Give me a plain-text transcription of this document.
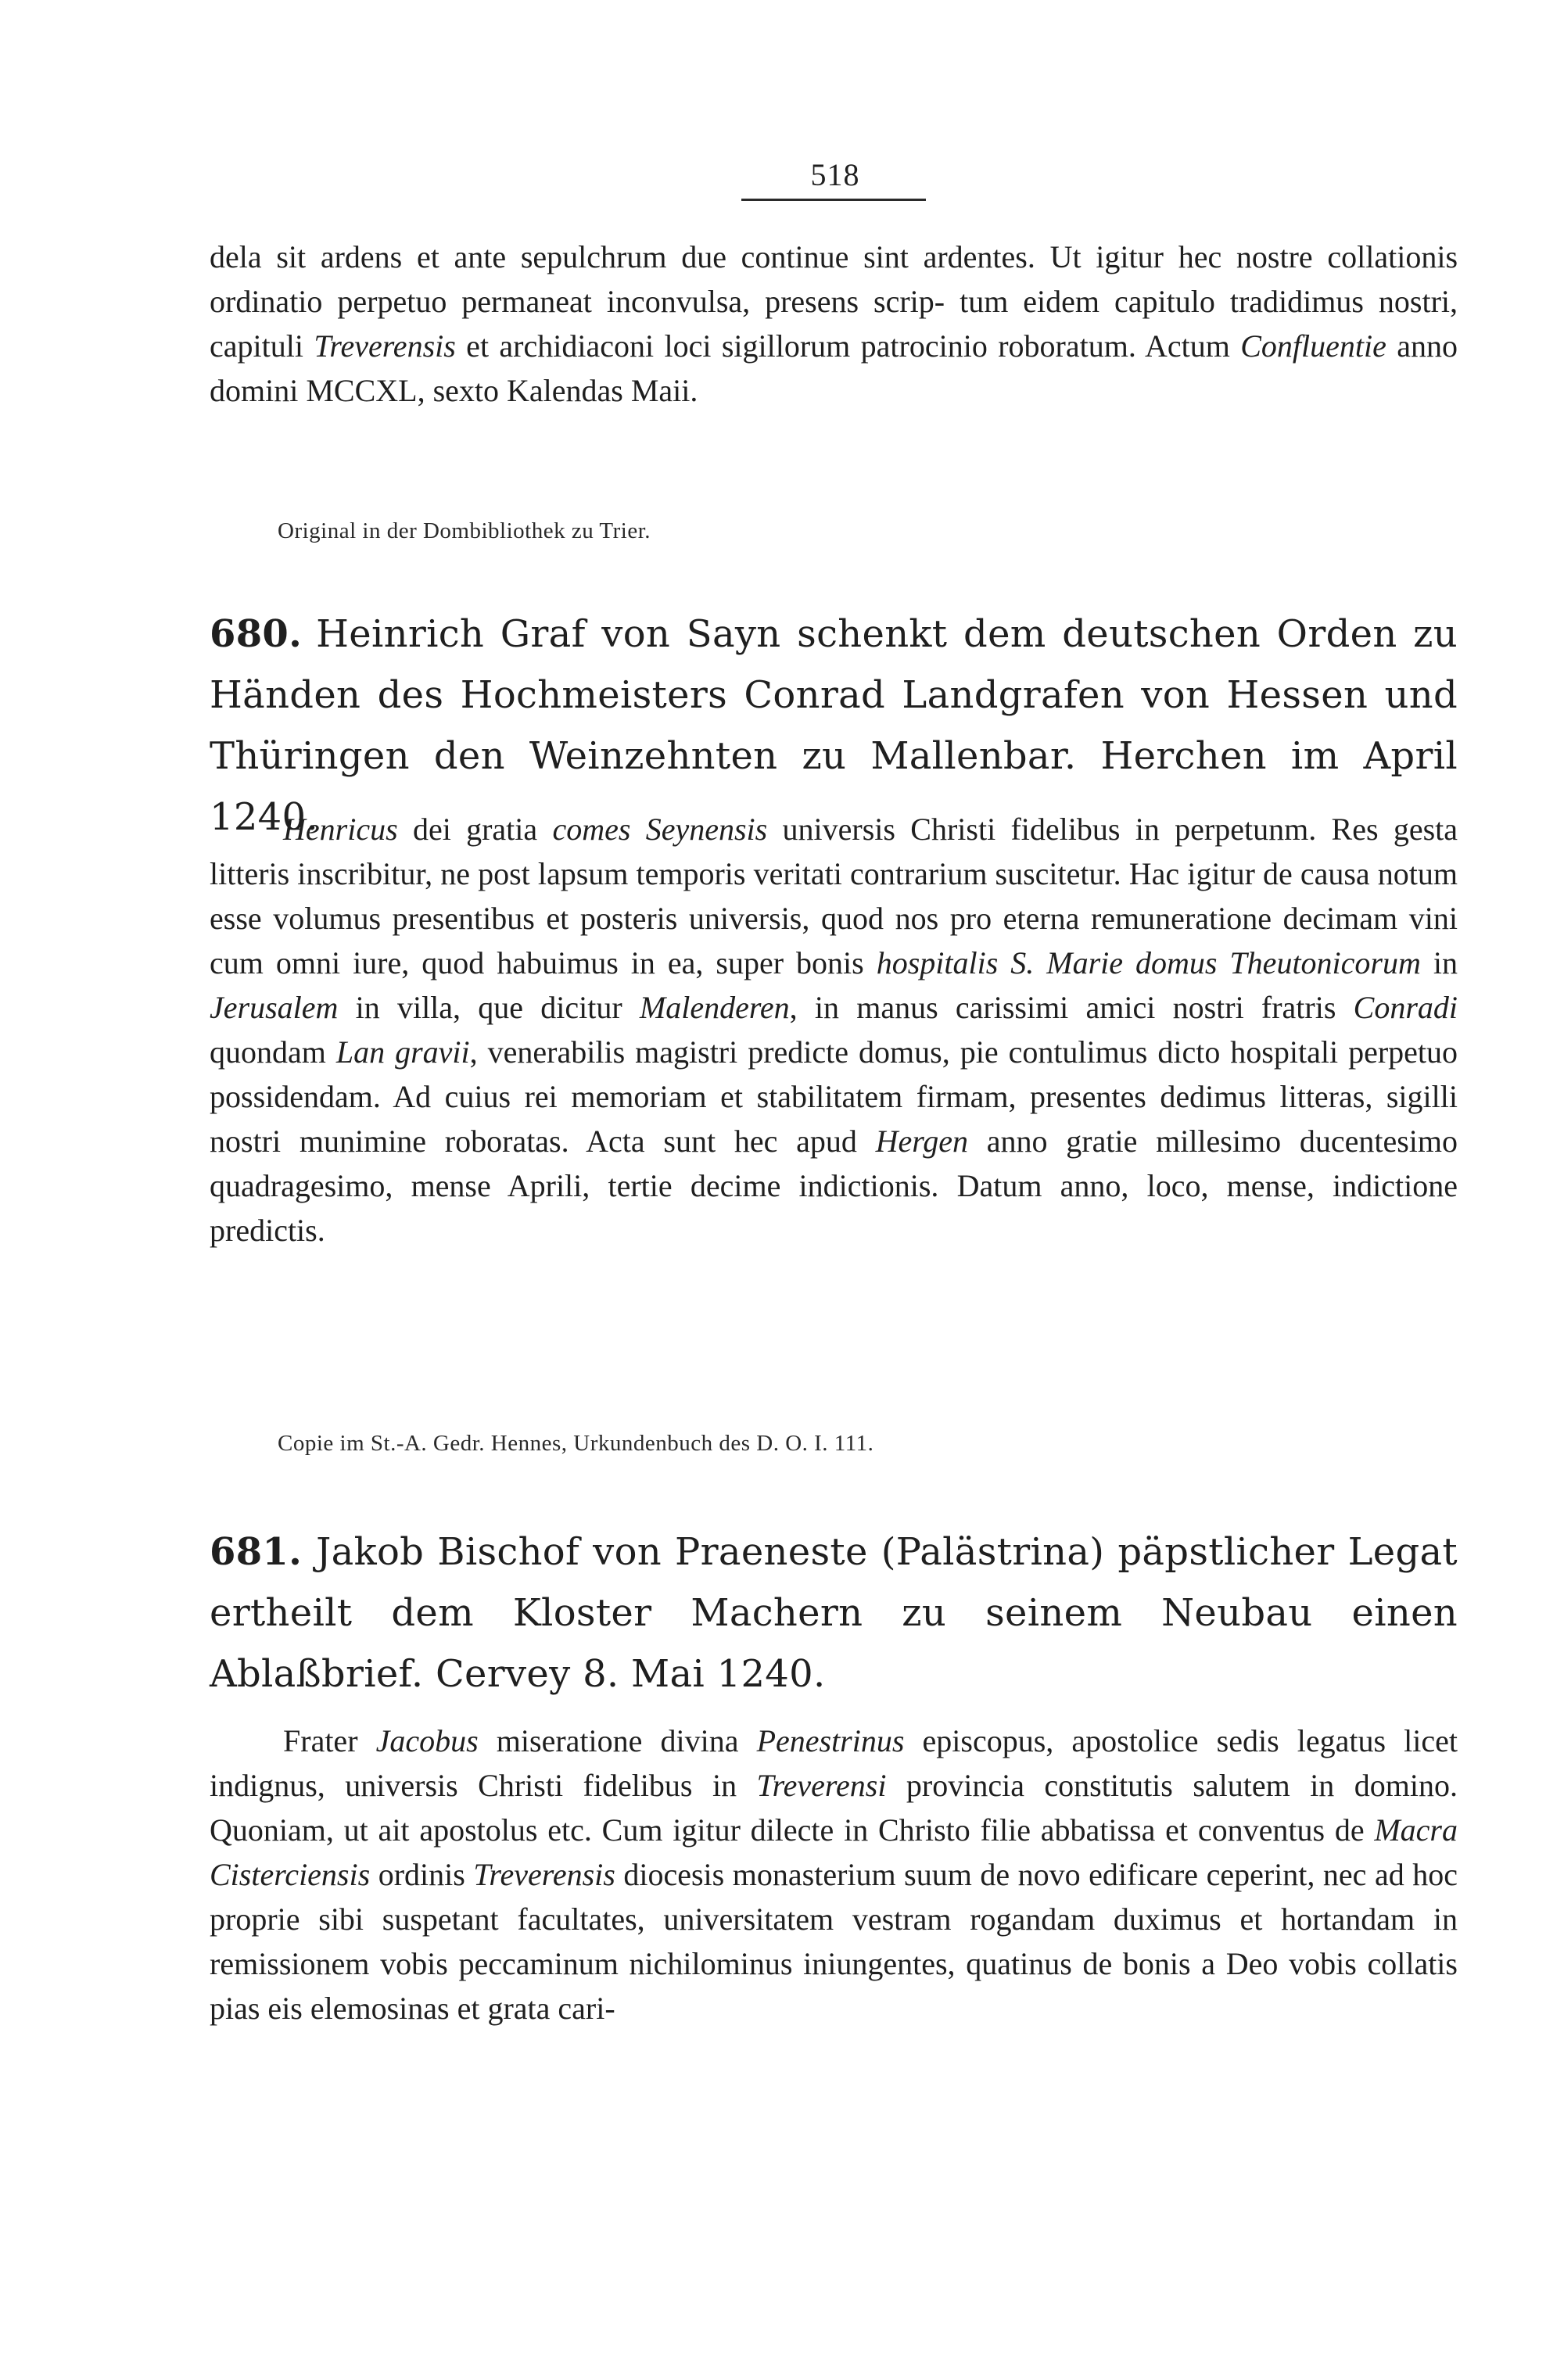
518
dela sit ardens et ante sepulchrum due continue sint ardentes. Ut igitur hec nostre collationis ordinatio perpetuo permaneat inconvulsa, presens scrip- tum eidem capitulo tradidimus nostri, capituli Treverensis et archidiaconi loci sigillorum patrocinio roboratum. Actum Confluentie anno domini MCCXL, sexto Kalendas Maii.
Original in der Dombibliothek zu Trier.
680. Heinrich Graf von Sayn schenkt dem deutschen Orden zu Händen des Hochmeisters Conrad Landgrafen von Hessen und Thüringen den Weinzehnten zu Mallenbar. Herchen im April 1240.

Henricus dei gratia comes Seynensis universis Christi fidelibus in perpetunm. Res gesta litteris inscribitur, ne post lapsum temporis veritati contrarium suscitetur. Hac igitur de causa notum esse volumus presentibus et posteris universis, quod nos pro eterna remuneratione decimam vini cum omni iure, quod habuimus in ea, super bonis hospitalis S. Marie domus Theutonicorum in Jerusalem in villa, que dicitur Malenderen, in manus carissimi amici nostri fratris Conradi quondam Lan gravii, venerabilis magistri predicte domus, pie contulimus dicto hospitali perpetuo possidendam. Ad cuius rei memoriam et stabilitatem firmam, presentes dedimus litteras, sigilli nostri munimine roboratas. Acta sunt hec apud Hergen anno gratie millesimo ducentesimo quadragesimo, mense Aprili, tertie decime indictionis. Datum anno, loco, mense, indictione predictis.

Copie im St.-A. Gedr. Hennes, Urkundenbuch des D. O. I. 111.
681. Jakob Bischof von Praeneste (Palästrina) päpstlicher Legat ertheilt dem Kloster Machern zu seinem Neubau einen Ablaßbrief. Cervey 8. Mai 1240.

Frater Jacobus miseratione divina Penestrinus episcopus, apostolice sedis legatus licet indignus, universis Christi fidelibus in Treverensi provincia constitutis salutem in domino. Quoniam, ut ait apostolus etc. Cum igitur dilecte in Christo filie abbatissa et conventus de Macra Cisterciensis ordinis Treverensis diocesis monasterium suum de novo edificare ceperint, nec ad hoc proprie sibi suspetant facultates, universitatem vestram rogandam duximus et hortandam in remissionem vobis peccaminum nichilominus iniungentes, quatinus de bonis a Deo vobis collatis pias eis elemosinas et grata cari-
